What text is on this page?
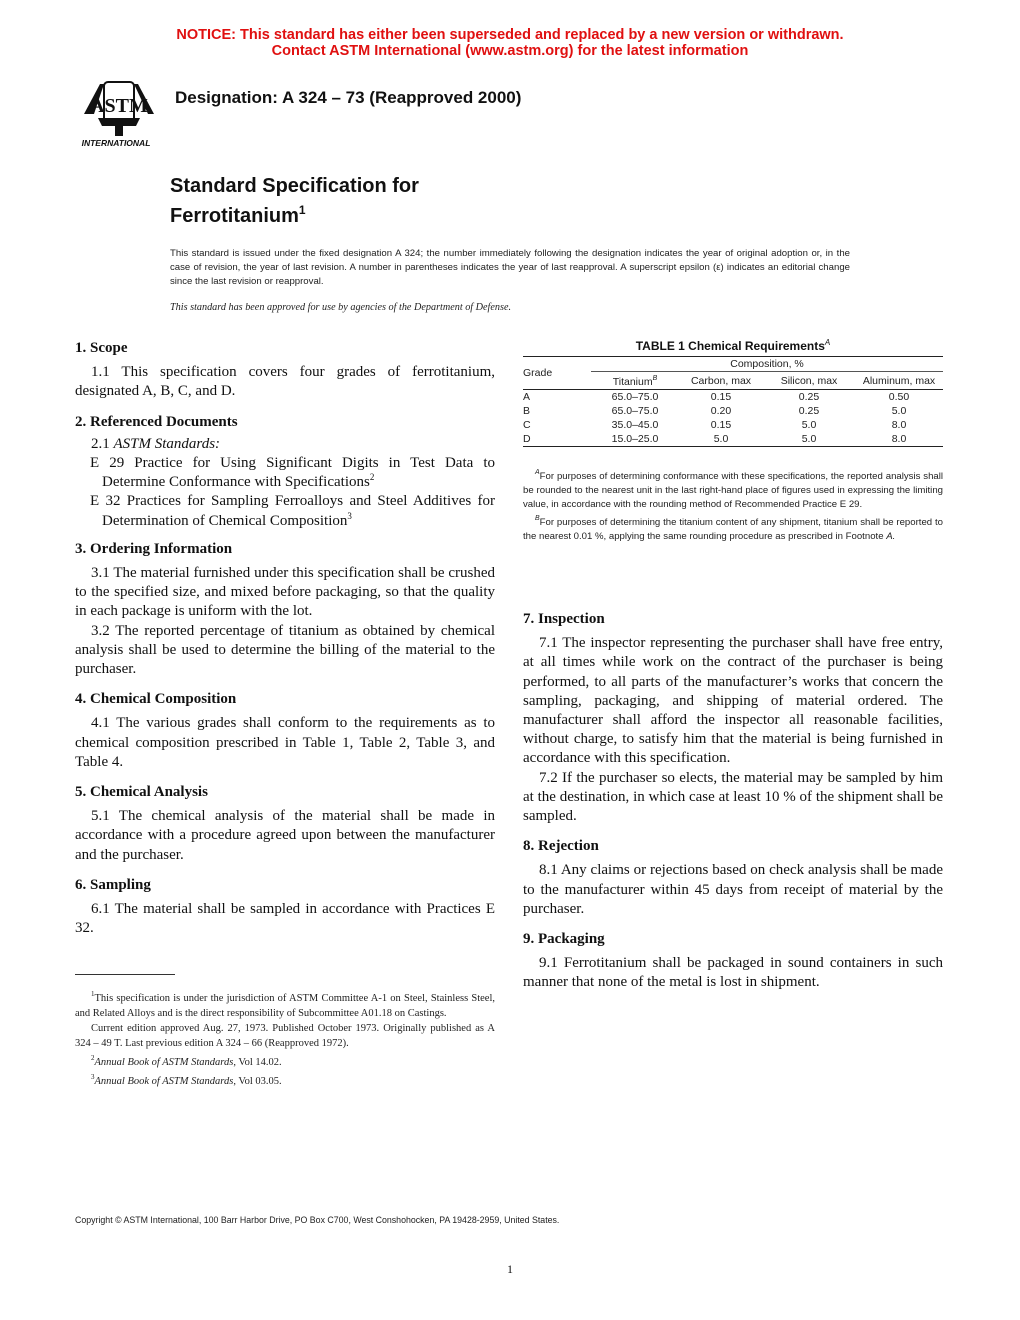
NOTICE: This standard has either been superseded and replaced by a new version or withdrawn.
Contact ASTM International (www.astm.org) for the latest information
ASTM
INTERNATIONAL
Designation: A 324 – 73 (Reapproved 2000)
Standard Specification for
Ferrotitanium$^1$
This standard is issued under the fixed designation A 324; the number immediately following the designation indicates the year of original adoption or, in the case of revision, the year of last revision. A number in parentheses indicates the year of last reapproval. A superscript epsilon (ε) indicates an editorial change since the last revision or reapproval.
This standard has been approved for use by agencies of the Department of Defense.

1. Scope

1.1 This specification covers four grades of ferrotitanium, designated A, B, C, and D.

2. Referenced Documents

2.1 ASTM Standards:

E 29 Practice for Using Significant Digits in Test Data to Determine Conformance with Specifications$^2$

E 32 Practices for Sampling Ferroalloys and Steel Additives for Determination of Chemical Composition$^3$

3. Ordering Information

3.1 The material furnished under this specification shall be crushed to the specified size, and mixed before packaging, so that the quality in each package is uniform with the lot.

3.2 The reported percentage of titanium as obtained by chemical analysis shall be used to determine the billing of the material to the purchaser.

4. Chemical Composition

4.1 The various grades shall conform to the requirements as to chemical composition prescribed in Table 1, Table 2, Table 3, and Table 4.

5. Chemical Analysis

5.1 The chemical analysis of the material shall be made in accordance with a procedure agreed upon between the manufacturer and the purchaser.

6. Sampling

6.1 The material shall be sampled in accordance with Practices E 32.

$^1$This specification is under the jurisdiction of ASTM Committee A-1 on Steel, Stainless Steel, and Related Alloys and is the direct responsibility of Subcommittee A01.18 on Castings.

Current edition approved Aug. 27, 1973. Published October 1973. Originally published as A 324 – 49 T. Last previous edition A 324 – 66 (Reapproved 1972).

$^2$Annual Book of ASTM Standards, Vol 14.02.

$^3$Annual Book of ASTM Standards, Vol 03.05.

TABLE 1 Chemical Requirements$^A$
Grade	Composition, %			
	Titanium$^B$	Carbon, max	Silicon, max	Aluminum, max
A	65.0–75.0	0.15	0.25	0.50
B	65.0–75.0	0.20	0.25	5.0
C	35.0–45.0	0.15	5.0	8.0
D	15.0–25.0	5.0	5.0	8.0
$^A$For purposes of determining conformance with these specifications, the reported analysis shall be rounded to the nearest unit in the last right-hand place of figures used in expressing the limiting value, in accordance with the rounding method of Recommended Practice E 29.
$^B$For purposes of determining the titanium content of any shipment, titanium shall be reported to the nearest 0.01 %, applying the same rounding procedure as prescribed in Footnote A.

7. Inspection

7.1 The inspector representing the purchaser shall have free entry, at all times while work on the contract of the purchaser is being performed, to all parts of the manufacturer’s works that concern the sampling, packaging, and shipping of material ordered. The manufacturer shall afford the inspector all reasonable facilities, without charge, to satisfy him that the material is being furnished in accordance with this specification.

7.2 If the purchaser so elects, the material may be sampled by him at the destination, in which case at least 10 % of the shipment shall be sampled.

8. Rejection

8.1 Any claims or rejections based on check analysis shall be made to the manufacturer within 45 days from receipt of material by the purchaser.

9. Packaging

9.1 Ferrotitanium shall be packaged in sound containers in such manner that none of the metal is lost in shipment.

Copyright © ASTM International, 100 Barr Harbor Drive, PO Box C700, West Conshohocken, PA 19428-2959, United States.
1
